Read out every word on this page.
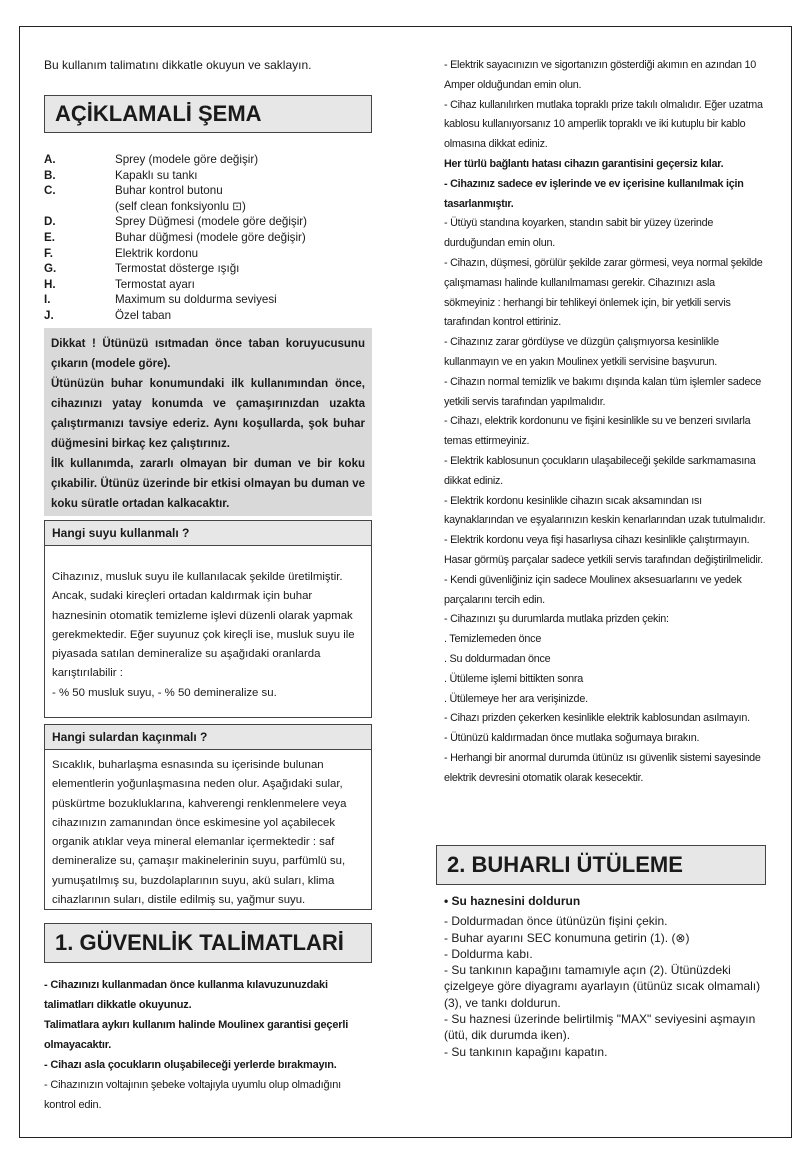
Bu kullanım talimatını dikkatle okuyun ve saklayın.
AÇİKLAMALİ ŞEMA
A.	Sprey (modele göre değişir)
B.	Kapaklı su tankı
C.	Buhar kontrol butonu
(self clean fonksiyonlu ⊡)
D.	Sprey Düğmesi (modele göre değişir)
E.	Buhar düğmesi (modele göre değişir)
F.	Elektrik kordonu
G.	Termostat dösterge ışığı
H.	Termostat ayarı
I.	Maximum su doldurma seviyesi
J.	Özel taban
Dikkat ! Ütünüzü ısıtmadan önce taban koruyucusunu çıkarın (modele göre).
Ütünüzün buhar konumundaki ilk kullanımından önce, cihazınızı yatay konumda ve çamaşırınızdan uzakta çalıştırmanızı tavsiye ederiz. Aynı koşullarda, şok buhar düğmesini birkaç kez çalıştırınız.
İlk kullanımda, zararlı olmayan bir duman ve bir koku çıkabilir. Ütünüz üzerinde bir etkisi olmayan bu duman ve koku süratle ortadan kalkacaktır.
Hangi suyu kullanmalı ?
Cihazınız, musluk suyu ile kullanılacak şekilde üretilmiştir. Ancak, sudaki kireçleri ortadan kaldırmak için buhar haznesinin otomatik temizleme işlevi düzenli olarak yapmak gerekmektedir. Eğer suyunuz çok kireçli ise, musluk suyu ile piyasada satılan demineralize su aşağıdaki oranlarda karıştırılabilir :
- % 50 musluk suyu, - % 50 demineralize su.
Hangi sulardan kaçınmalı ?
Sıcaklık, buharlaşma esnasında su içerisinde bulunan elementlerin yoğunlaşmasına neden olur. Aşağıdaki sular, püskürtme bozukluklarına, kahverengi renklenmelere veya cihazınızın zamanından önce eskimesine yol açabilecek organik atıklar veya mineral elemanlar içermektedir : saf demineralize su, çamaşır makinelerinin suyu, parfümlü su, yumuşatılmış su, buzdolaplarının suyu, akü suları, klima cihazlarının suları, distile edilmiş su, yağmur suyu.
1. GÜVENLİK TALİMATLARİ
- Cihazınızı kullanmadan önce kullanma kılavuzunuzdaki talimatları dikkatle okuyunuz.
Talimatlara aykırı kullanım halinde Moulinex garantisi geçerli olmayacaktır.
- Cihazı asla çocukların oluşabileceği yerlerde bırakmayın.
- Cihazınızın voltajının şebeke voltajıyla uyumlu olup olmadığını kontrol edin.
- Elektrik sayacınızın ve sigortanızın gösterdiği akımın en azından 10 Amper olduğundan emin olun.
- Cihaz kullanılırken mutlaka topraklı prize takılı olmalıdır. Eğer uzatma kablosu kullanıyorsanız 10 amperlik topraklı ve iki kutuplu bir kablo olmasına dikkat ediniz.
Her türlü bağlantı hatası cihazın garantisini geçersiz kılar.
- Cihazınız sadece ev işlerinde ve ev içerisine kullanılmak için tasarlanmıştır.
- Ütüyü standına koyarken, standın sabit bir yüzey üzerinde durduğundan emin olun.
- Cihazın, düşmesi, görülür şekilde zarar görmesi, veya normal şekilde çalışmaması halinde kullanılmaması gerekir. Cihazınızı asla sökmeyiniz : herhangi bir tehlikeyi önlemek için, bir yetkili servis tarafından kontrol ettiriniz.
- Cihazınız zarar gördüyse ve düzgün çalışmıyorsa kesinlikle kullanmayın ve en yakın Moulinex yetkili servisine başvurun.
- Cihazın normal temizlik ve bakımı dışında kalan tüm işlemler sadece yetkili servis tarafından yapılmalıdır.
- Cihazı, elektrik kordonunu ve fişini kesinlikle su ve benzeri sıvılarla temas ettirmeyiniz.
- Elektrik kablosunun çocukların ulaşabileceği şekilde sarkmamasına dikkat ediniz.
- Elektrik kordonu kesinlikle cihazın sıcak aksamından ısı kaynaklarından ve eşyalarınızın keskin kenarlarından uzak tutulmalıdır.
- Elektrik kordonu veya fişi hasarlıysa cihazı kesinlikle çalıştırmayın. Hasar görmüş parçalar sadece yetkili servis tarafından değiştirilmelidir.
- Kendi güvenliğiniz için sadece Moulinex aksesuarlarını ve yedek parçalarını tercih edin.
- Cihazınızı şu durumlarda mutlaka prizden çekin:
. Temizlemeden önce
. Su doldurmadan önce
. Ütüleme işlemi bittikten sonra
. Ütülemeye her ara verişinizde.
- Cihazı prizden çekerken kesinlikle elektrik kablosundan asılmayın.
- Ütünüzü kaldırmadan önce mutlaka soğumaya bırakın.
- Herhangi bir anormal durumda ütünüz ısı güvenlik sistemi sayesinde elektrik devresini otomatik olarak kesecektir.
2. BUHARLI ÜTÜLEME
• Su haznesini doldurun
- Doldurmadan önce ütünüzün fişini çekin.
- Buhar ayarını SEC konumuna getirin (1). (⊗)
- Doldurma kabı.
- Su tankının kapağını tamamıyle açın (2). Ütünüzdeki çizelgeye göre diyagramı ayarlayın (ütünüz sıcak olmamalı) (3), ve tankı doldurun.
- Su haznesi üzerinde belirtilmiş "MAX" seviyesini aşmayın (ütü, dik durumda iken).
- Su tankının kapağını kapatın.
